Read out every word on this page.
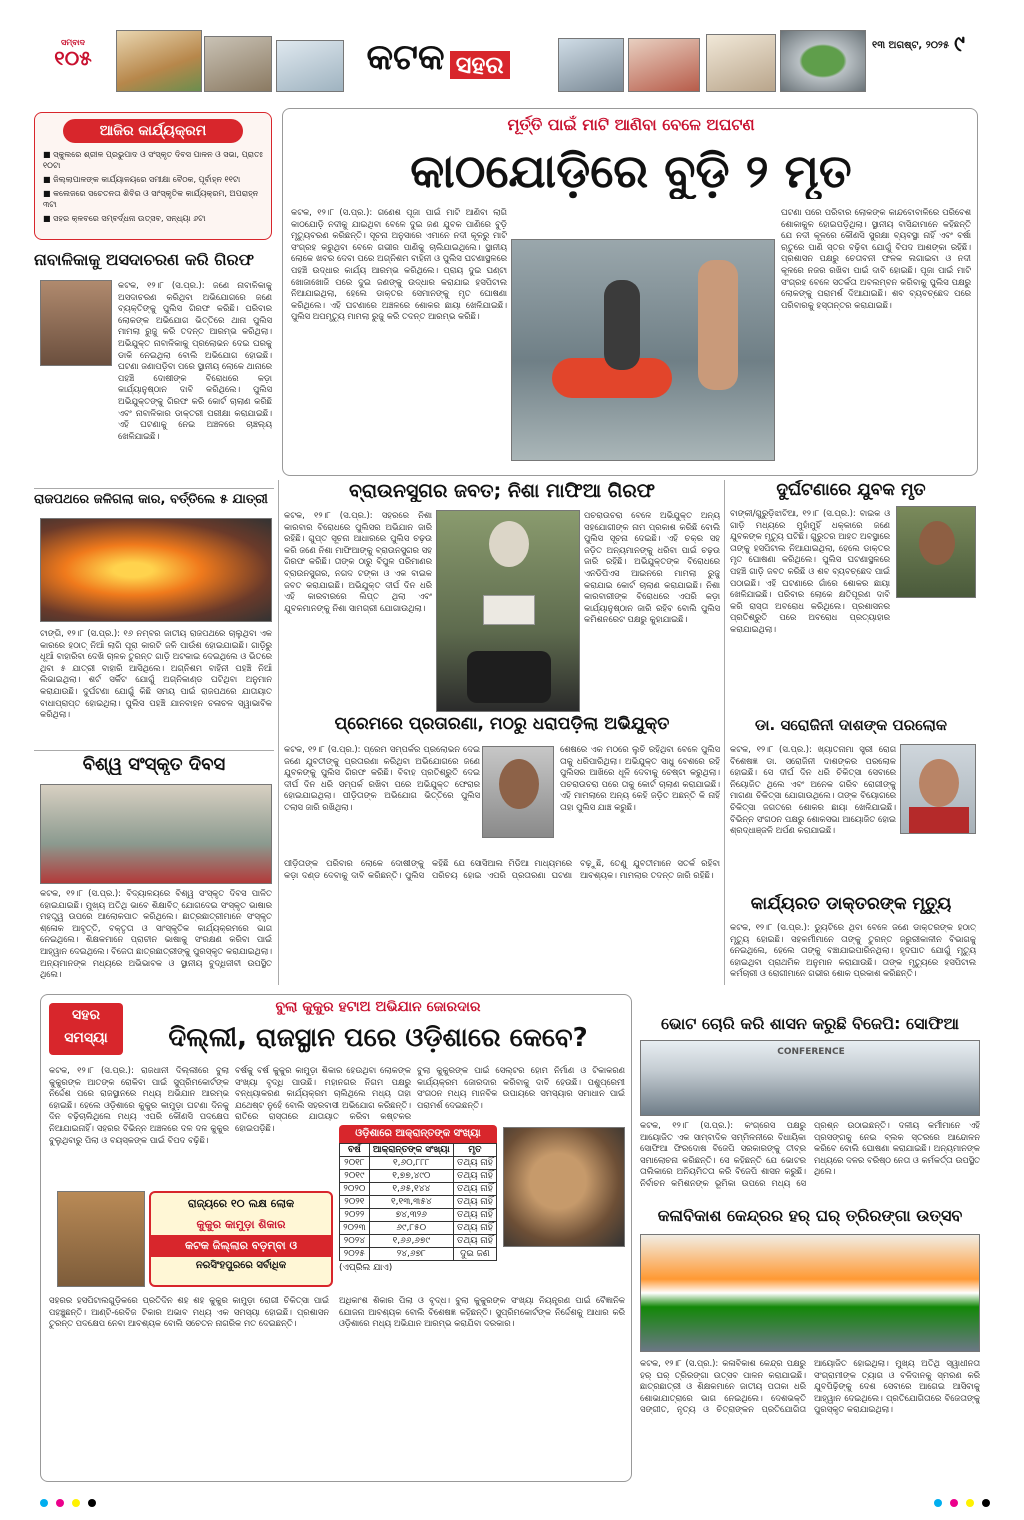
ସମ୍ବାଦ
୧୦୫	କଟକ ସହର
୧୩ ଅଗଷ୍ଟ, ୨୦୨୫ ୯
ଆଜିର କାର୍ଯ୍ୟକ୍ରମ
■ ସ୍କୁଲରେ ଶ୍ରୀଳ ପ୍ରଭୁପାଦ ଓ ସଂସ୍କୃତ ଦିବସ ପାଳନ ଓ ସଭା, ପ୍ରାତଃ ୧୦ଟା
■ ଜିଲ୍ଲାପାଳଙ୍କ କାର୍ଯ୍ୟାଳୟରେ ସମୀକ୍ଷା ବୈଠକ, ପୂର୍ବାହ୍ନ ୧୧ଟା
■ କଲେଜରେ ସଚେତନତା ଶିବିର ଓ ସାଂସ୍କୃତିକ କାର୍ଯ୍ୟକ୍ରମ, ଅପରାହ୍ନ ୩ଟା
■ ସହର କ୍ଳବରେ ସମ୍ବର୍ଦ୍ଧନା ଉତ୍ସବ, ସନ୍ଧ୍ୟା ୬ଟା
ମୂର୍ତ୍ତି ପାଇଁ ମାଟି ଆଣିବା ବେଳେ ଅଘଟଣ
କାଠଯୋଡ଼ିରେ ବୁଡ଼ି ୨ ମୃତ
କଟକ, ୧୨।୮ (ସ.ପ୍ର.): ଗଣେଶ ପୂଜା ପାଇଁ ମାଟି ଆଣିବା ଲାଗି କାଠଯୋଡ଼ି ନଦୀକୁ ଯାଇଥିବା ବେଳେ ଦୁଇ ଜଣ ଯୁବକ ପାଣିରେ ବୁଡ଼ି ମୃତ୍ୟୁବରଣ କରିଛନ୍ତି। ସୂଚନା ଅନୁସାରେ ଏମାନେ ନଦୀ କୂଳରୁ ମାଟି ସଂଗ୍ରହ କରୁଥିବା ବେଳେ ଗଭୀର ପାଣିକୁ ଚାଲିଯାଇଥିଲେ। ସ୍ଥାନୀୟ ଲୋକେ ଖବର ଦେବା ପରେ ଅଗ୍ନିଶମ ବାହିନୀ ଓ ପୁଲିସ ଘଟଣାସ୍ଥଳରେ ପହଞ୍ଚି ଉଦ୍ଧାର କାର୍ଯ୍ୟ ଆରମ୍ଭ କରିଥିଲେ। ପ୍ରାୟ ଦୁଇ ଘଣ୍ଟା ଖୋଜାଖୋଜି ପରେ ଦୁଇ ଜଣଙ୍କୁ ଉଦ୍ଧାର କରାଯାଇ ହସପିଟାଲ ନିଆଯାଇଥିଲା, ହେଲେ ଡାକ୍ତର ସେମାନଙ୍କୁ ମୃତ ଘୋଷଣା କରିଥିଲେ। ଏହି ଘଟଣାରେ ଅଞ୍ଚଳରେ ଶୋକର ଛାୟା ଖେଳିଯାଇଛି। ପୁଲିସ ଅପମୃତ୍ୟୁ ମାମଲା ରୁଜୁ କରି ତଦନ୍ତ ଆରମ୍ଭ କରିଛି।
ଘଟଣା ପରେ ପରିବାର ଲୋକଙ୍କ କାନ୍ଦବୋବାଳିରେ ପରିବେଶ ଶୋକାକୁଳ ହୋଇପଡ଼ିଥିଲା। ସ୍ଥାନୀୟ ବାସିନ୍ଦାମାନେ କହିଛନ୍ତି ଯେ ନଦୀ କୂଳରେ କୌଣସି ସୁରକ୍ଷା ବ୍ୟବସ୍ଥା ନାହିଁ ଏବଂ ବର୍ଷା ଋତୁରେ ପାଣି ସ୍ତର ବଢ଼ିବା ଯୋଗୁଁ ବିପଦ ଆଶଙ୍କା ରହିଛି। ପ୍ରଶାସନ ପକ୍ଷରୁ ଚେତାବନୀ ଫଳକ ଲଗାଇବା ଓ ନଦୀ କୂଳରେ ନଜର ରଖିବା ପାଇଁ ଦାବି ହୋଇଛି। ପୂଜା ପାଇଁ ମାଟି ସଂଗ୍ରହ ବେଳେ ସତର୍କତା ଅବଲମ୍ବନ କରିବାକୁ ପୁଲିସ ପକ୍ଷରୁ ଲୋକଙ୍କୁ ପରାମର୍ଶ ଦିଆଯାଇଛି। ଶବ ବ୍ୟବଚ୍ଛେଦ ପରେ ପରିବାରକୁ ହସ୍ତାନ୍ତର କରାଯାଇଛି।
ନାବାଳିକାକୁ ଅସଦାଚରଣ କରି ଗିରଫ
କଟକ, ୧୨।୮ (ସ.ପ୍ର.): ଜଣେ ନାବାଳିକାକୁ ଅସଦାଚରଣ କରିଥିବା ଅଭିଯୋଗରେ ଜଣେ ବ୍ୟକ୍ତିଙ୍କୁ ପୁଲିସ ଗିରଫ କରିଛି। ପରିବାର ଲୋକଙ୍କ ଅଭିଯୋଗ ଭିତ୍ତିରେ ଥାନା ପୁଲିସ ମାମଲା ରୁଜୁ କରି ତଦନ୍ତ ଆରମ୍ଭ କରିଥିଲା। ଅଭିଯୁକ୍ତ ନାବାଳିକାକୁ ପ୍ରଲୋଭନ ଦେଇ ଘରକୁ ଡାକି ନେଇଥିଲା ବୋଲି ଅଭିଯୋଗ ହୋଇଛି। ଘଟଣା ଜଣାପଡ଼ିବା ପରେ ସ୍ଥାନୀୟ ଲୋକେ ଥାନାରେ ପହଞ୍ଚି ଦୋଷୀଙ୍କ ବିରୋଧରେ କଡ଼ା କାର୍ଯ୍ୟାନୁଷ୍ଠାନ ଦାବି କରିଥିଲେ। ପୁଲିସ ଅଭିଯୁକ୍ତଙ୍କୁ ଗିରଫ କରି କୋର୍ଟ ଚାଲାଣ କରିଛି ଏବଂ ନାବାଳିକାର ଡାକ୍ତରୀ ପରୀକ୍ଷା କରାଯାଇଛି। ଏହି ଘଟଣାକୁ ନେଇ ଅଞ୍ଚଳରେ ଚାଞ୍ଚଲ୍ୟ ଖେଳିଯାଇଛି।
ରାଜପଥରେ ଜଳିଗଲା କାର, ବର୍ତ୍ତିଲେ ୫ ଯାତ୍ରୀ
ଟାଙ୍ଗି, ୧୨।୮ (ସ.ପ୍ର.): ୧୬ ନମ୍ବର ଜାତୀୟ ରାଜପଥରେ ଚାଲୁଥିବା ଏକ କାରରେ ହଠାତ୍ ନିଆଁ ଲାଗି ପୂରା କାରଟି ଜଳି ପାଉଁଶ ହୋଇଯାଇଛି। ଗାଡ଼ିରୁ ଧୂଆଁ ବାହାରିବା ଦେଖି ଚାଳକ ତୁରନ୍ତ ଗାଡ଼ି ଅଟକାଇ ଦେଇଥିଲେ ଓ ଭିତରେ ଥିବା ୫ ଯାତ୍ରୀ ବାହାରି ଆସିଥିଲେ। ଅଗ୍ନିଶମ ବାହିନୀ ପହଞ୍ଚି ନିଆଁ ଲିଭାଇଥିଲା। ଶର୍ଟ ସର୍କିଟ ଯୋଗୁଁ ଅଗ୍ନିକାଣ୍ଡ ଘଟିଥିବା ଅନୁମାନ କରାଯାଉଛି। ଦୁର୍ଘଟଣା ଯୋଗୁଁ କିଛି ସମୟ ପାଇଁ ରାଜପଥରେ ଯାତାୟାତ ବାଧାପ୍ରାପ୍ତ ହୋଇଥିଲା। ପୁଲିସ ପହଞ୍ଚି ଯାନବାହନ ଚଳାଚଳ ସ୍ୱାଭାବିକ କରିଥିଲା।
ବିଶ୍ୱ ସଂସ୍କୃତ ଦିବସ
କଟକ, ୧୨।୮ (ସ.ପ୍ର.): ବିଦ୍ୟାଳୟରେ ବିଶ୍ୱ ସଂସ୍କୃତ ଦିବସ ପାଳିତ ହୋଇଯାଇଛି। ମୁଖ୍ୟ ଅତିଥି ଭାବେ ଶିକ୍ଷାବିତ୍ ଯୋଗଦେଇ ସଂସ୍କୃତ ଭାଷାର ମହତ୍ତ୍ୱ ଉପରେ ଆଲୋକପାତ କରିଥିଲେ। ଛାତ୍ରଛାତ୍ରୀମାନେ ସଂସ୍କୃତ ଶ୍ଳୋକ ଆବୃତ୍ତି, ବକ୍ତୃତା ଓ ସାଂସ୍କୃତିକ କାର୍ଯ୍ୟକ୍ରମରେ ଭାଗ ନେଇଥିଲେ। ଶିକ୍ଷକମାନେ ପ୍ରାଚୀନ ଭାଷାକୁ ସଂରକ୍ଷଣ କରିବା ପାଇଁ ଆହ୍ୱାନ ଦେଇଥିଲେ। ବିଜେତା ଛାତ୍ରଛାତ୍ରୀଙ୍କୁ ପୁରସ୍କୃତ କରାଯାଇଥିଲା। ଅନ୍ୟମାନଙ୍କ ମଧ୍ୟରେ ଅଭିଭାବକ ଓ ସ୍ଥାନୀୟ ବୁଦ୍ଧିଜୀବୀ ଉପସ୍ଥିତ ଥିଲେ।
ବ୍ରାଉନସୁଗର ଜବତ; ନିଶା ମାଫିଆ ଗିରଫ
କଟକ, ୧୨।୮ (ସ.ପ୍ର.): ସହରରେ ନିଶା କାରବାର ବିରୋଧରେ ପୁଲିସର ଅଭିଯାନ ଜାରି ରହିଛି। ଗୁପ୍ତ ସୂଚନା ଆଧାରରେ ପୁଲିସ ଚଢ଼ଉ କରି ଜଣେ ନିଶା ମାଫିଆଙ୍କୁ ବ୍ରାଉନସୁଗର ସହ ଗିରଫ କରିଛି। ତାଙ୍କ ଠାରୁ ବିପୁଳ ପରିମାଣର ବ୍ରାଉନସୁଗର, ନଗଦ ଟଙ୍କା ଓ ଏକ ବାଇକ ଜବତ କରାଯାଇଛି। ଅଭିଯୁକ୍ତ ଦୀର୍ଘ ଦିନ ଧରି ଏହି କାରବାରରେ ଲିପ୍ତ ଥିଲା ଏବଂ ଯୁବକମାନଙ୍କୁ ନିଶା ସାମଗ୍ରୀ ଯୋଗାଉଥିଲା।
ପଚରାଉଚରା ବେଳେ ଅଭିଯୁକ୍ତ ଅନ୍ୟ ସହଯୋଗୀଙ୍କ ନାମ ପ୍ରକାଶ କରିଛି ବୋଲି ପୁଲିସ ସୂଚନା ଦେଇଛି। ଏହି ଚକ୍ର ସହ ଜଡ଼ିତ ଅନ୍ୟମାନଙ୍କୁ ଧରିବା ପାଇଁ ଚଢ଼ଉ ଜାରି ରହିଛି। ଅଭିଯୁକ୍ତଙ୍କ ବିରୋଧରେ ଏନଡିପିଏସ ଆଇନରେ ମାମଲା ରୁଜୁ କରାଯାଇ କୋର୍ଟ ଚାଲାଣ କରାଯାଇଛି। ନିଶା କାରବାରୀଙ୍କ ବିରୋଧରେ ଏପରି କଡ଼ା କାର୍ଯ୍ୟାନୁଷ୍ଠାନ ଜାରି ରହିବ ବୋଲି ପୁଲିସ କମିଶନରେଟ ପକ୍ଷରୁ କୁହାଯାଇଛି।
ଦୁର୍ଘଟଣାରେ ଯୁବକ ମୃତ
ବାଙ୍କୀ/ଗୁରୁଡ଼ିଝାଟିଆ, ୧୨।୮ (ସ.ପ୍ର.): ବାଇକ ଓ ଗାଡ଼ି ମଧ୍ୟରେ ମୁହାଁମୁହିଁ ଧକ୍କାରେ ଜଣେ ଯୁବକଙ୍କ ମୃତ୍ୟୁ ଘଟିଛି। ଗୁରୁତର ଆହତ ଅବସ୍ଥାରେ ତାଙ୍କୁ ହସପିଟାଲ ନିଆଯାଇଥିଲା, ହେଲେ ଡାକ୍ତର ମୃତ ଘୋଷଣା କରିଥିଲେ। ପୁଲିସ ଘଟଣାସ୍ଥଳରେ ପହଞ୍ଚି ଗାଡ଼ି ଜବତ କରିଛି ଓ ଶବ ବ୍ୟବଚ୍ଛେଦ ପାଇଁ ପଠାଇଛି। ଏହି ଘଟଣାରେ ଗାଁରେ ଶୋକର ଛାୟା ଖେଳିଯାଇଛି। ପରିବାର ଲୋକେ କ୍ଷତିପୂରଣ ଦାବି କରି ରାସ୍ତା ଅବରୋଧ କରିଥିଲେ। ପ୍ରଶାସନର ପ୍ରତିଶ୍ରୁତି ପରେ ଅବରୋଧ ପ୍ରତ୍ୟାହାର କରାଯାଇଥିଲା।
ଡା. ସରୋଜିନୀ ଦାଶଙ୍କ ପରଲୋକ
କଟକ, ୧୨।୮ (ସ.ପ୍ର.): ଖ୍ୟାତନାମା ସ୍ତ୍ରୀ ରୋଗ ବିଶେଷଜ୍ଞ ଡା. ସରୋଜିନୀ ଦାଶଙ୍କର ପରଲୋକ ହୋଇଛି। ସେ ଦୀର୍ଘ ଦିନ ଧରି ଚିକିତ୍ସା ସେବାରେ ନିୟୋଜିତ ଥିଲେ ଏବଂ ଅନେକ ଗରିବ ରୋଗୀଙ୍କୁ ମାଗଣା ଚିକିତ୍ସା ଯୋଗାଉଥିଲେ। ତାଙ୍କ ବିୟୋଗରେ ଚିକିତ୍ସା ଜଗତରେ ଶୋକର ଛାୟା ଖେଳିଯାଇଛି। ବିଭିନ୍ନ ସଂଗଠନ ପକ୍ଷରୁ ଶୋକସଭା ଆୟୋଜିତ ହୋଇ ଶ୍ରଦ୍ଧାଞ୍ଜଳି ଅର୍ପଣ କରାଯାଇଛି।
କାର୍ଯ୍ୟରତ ଡାକ୍ତରଙ୍କ ମୃତ୍ୟୁ
କଟକ, ୧୨।୮ (ସ.ପ୍ର.): ଡ୍ୟୁଟିରେ ଥିବା ବେଳେ ଜଣେ ଡାକ୍ତରଙ୍କ ହଠାତ୍ ମୃତ୍ୟୁ ହୋଇଛି। ସହକର୍ମୀମାନେ ତାଙ୍କୁ ତୁରନ୍ତ ଜରୁରୀକାଳୀନ ବିଭାଗକୁ ନେଇଥିଲେ, ହେଲେ ତାଙ୍କୁ ବଞ୍ଚାଯାଇପାରିନଥିଲା। ହୃଦଘାତ ଯୋଗୁଁ ମୃତ୍ୟୁ ହୋଇଥିବା ପ୍ରାଥମିକ ଅନୁମାନ କରାଯାଉଛି। ତାଙ୍କ ମୃତ୍ୟୁରେ ହସପିଟାଲ କର୍ମଚାରୀ ଓ ରୋଗୀମାନେ ଗଭୀର ଶୋକ ପ୍ରକାଶ କରିଛନ୍ତି।
ପ୍ରେମରେ ପ୍ରତାରଣା, ମଠରୁ ଧରାପଡ଼ିଲା ଅଭିଯୁକ୍ତ
କଟକ, ୧୨।୮ (ସ.ପ୍ର.): ପ୍ରେମ ସମ୍ପର୍କର ପ୍ରଲୋଭନ ଦେଇ ଜଣେ ଯୁବତୀଙ୍କୁ ପ୍ରତାରଣା କରିଥିବା ଅଭିଯୋଗରେ ଜଣେ ଯୁବକଙ୍କୁ ପୁଲିସ ଗିରଫ କରିଛି। ବିବାହ ପ୍ରତିଶ୍ରୁତି ଦେଇ ଦୀର୍ଘ ଦିନ ଧରି ସମ୍ପର୍କ ରଖିବା ପରେ ଅଭିଯୁକ୍ତ ଫେରାର ହୋଇଯାଇଥିଲା। ପୀଡ଼ିତାଙ୍କ ଅଭିଯୋଗ ଭିତ୍ତିରେ ପୁଲିସ ତଲାସ ଜାରି ରଖିଥିଲା।
ଶେଷରେ ଏକ ମଠରେ ଲୁଚି ରହିଥିବା ବେଳେ ପୁଲିସ ତାକୁ ଧରିପାରିଥିଲା। ଅଭିଯୁକ୍ତ ସାଧୁ ବେଶରେ ରହି ପୁଲିସର ଆଖିରେ ଧୂଳି ଦେବାକୁ ଚେଷ୍ଟା କରୁଥିଲା। ପଚରାଉଚରା ପରେ ତାକୁ କୋର୍ଟ ଚାଲାଣ କରାଯାଇଛି। ଏହି ମାମଲାରେ ଅନ୍ୟ କେହି ଜଡ଼ିତ ଅଛନ୍ତି କି ନାହିଁ ତାହା ପୁଲିସ ଯାଞ୍ଚ କରୁଛି।
ପୀଡ଼ିତାଙ୍କ ପରିବାର ଲୋକେ ଦୋଷୀଙ୍କୁ କଡ଼ା ଦଣ୍ଡ ଦେବାକୁ ଦାବି କରିଛନ୍ତି। ପୁଲିସ କହିଛି ଯେ ସୋସିଆଲ ମିଡିଆ ମାଧ୍ୟମରେ ପରିଚୟ ହୋଇ ଏପରି ପ୍ରତାରଣା ଘଟଣା ବଢ଼ୁଛି, ତେଣୁ ଯୁବତୀମାନେ ସତର୍କ ରହିବା ଆବଶ୍ୟକ। ମାମଲାର ତଦନ୍ତ ଜାରି ରହିଛି।
ସହର
ସମସ୍ୟା
ବୁଲା କୁକୁର ହଟାଅ ଅଭିଯାନ ଜୋରଦାର
ଦିଲ୍ଲୀ, ରାଜସ୍ଥାନ ପରେ ଓଡ଼ିଶାରେ କେବେ?
କଟକ, ୧୨।୮ (ସ.ପ୍ର.): ରାଜଧାନୀ ଦିଲ୍ଲୀରେ ବୁଲା କୁକୁରଙ୍କ ଆତଙ୍କ ରୋକିବା ପାଇଁ ସୁପ୍ରିମକୋର୍ଟଙ୍କ ନିର୍ଦ୍ଦେଶ ପରେ ରାଜସ୍ଥାନରେ ମଧ୍ୟ ଅଭିଯାନ ଆରମ୍ଭ ହୋଇଛି। ହେଲେ ଓଡ଼ିଶାରେ କୁକୁର କାମୁଡ଼ା ଘଟଣା ଦିନକୁ ଦିନ ବଢ଼ିଚାଲିଥିଲେ ମଧ୍ୟ ଏପରି କୌଣସି ପଦକ୍ଷେପ ନିଆଯାଇନାହିଁ। ସହରର ବିଭିନ୍ନ ଅଞ୍ଚଳରେ ଦଳ ଦଳ କୁକୁର ବୁଲୁଥିବାରୁ ପିଲା ଓ ବୟସ୍କଙ୍କ ପାଇଁ ବିପଦ ବଢ଼ିଛି।
ବର୍ଷକୁ ବର୍ଷ କୁକୁର କାମୁଡ଼ା ଶିକାର ହେଉଥିବା ଲୋକଙ୍କ ସଂଖ୍ୟା ବୃଦ୍ଧି ପାଉଛି। ମହାନଗର ନିଗମ ପକ୍ଷରୁ ବନ୍ଧ୍ୟାକରଣ କାର୍ଯ୍ୟକ୍ରମ ଚାଲିଥିଲେ ମଧ୍ୟ ତାହା ଯଥେଷ୍ଟ ନୁହେଁ ବୋଲି ସହରବାସୀ ଅଭିଯୋଗ କରିଛନ୍ତି। ରାତିରେ ରାସ୍ତାରେ ଯାତାୟାତ କରିବା କଷ୍ଟକର ହୋଇପଡ଼ିଛି।
ବୁଲା କୁକୁରଙ୍କ ପାଇଁ ସେଲ୍ଟର ହୋମ ନିର୍ମାଣ ଓ ଟିକାକରଣ କାର୍ଯ୍ୟକ୍ରମ ଜୋରଦାର କରିବାକୁ ଦାବି ହେଉଛି। ପଶୁପ୍ରେମୀ ସଂଗଠନ ମଧ୍ୟ ମାନବିକ ଉପାୟରେ ସମସ୍ୟାର ସମାଧାନ ପାଇଁ ପରାମର୍ଶ ଦେଇଛନ୍ତି।
ରାଜ୍ୟରେ ୧୦ ଲକ୍ଷ ଲୋକ
କୁକୁର କାମୁଡ଼ା ଶିକାର
କଟକ ଜିଲ୍ଲାର ବଡ଼ମ୍ବା ଓ
ନରସିଂହପୁରରେ ସର୍ବାଧିକ
ଓଡ଼ିଶାରେ ଆକ୍ରାନ୍ତଙ୍କ ସଂଖ୍ୟା
ବର୍ଷ	ଆକ୍ରାନ୍ତଙ୍କ ସଂଖ୍ୟା	ମୃତ
୨୦୧୮	୧,୬୦,୮୮୮	ତଥ୍ୟ ନାହିଁ
୨୦୧୯	୧,୭୭,୪୯୦	ତଥ୍ୟ ନାହିଁ
୨୦୨୦	୧,୬୫,୧୪୪	ତଥ୍ୟ ନାହିଁ
୨୦୨୧	୧,୧୩,୩୫୪	ତଥ୍ୟ ନାହିଁ
୨୦୨୨	୭୪,୩୨୬	ତଥ୍ୟ ନାହିଁ
୨୦୨୩	୬୯,୮୫୦	ତଥ୍ୟ ନାହିଁ
୨୦୨୪	୧,୬୬,୬୭୯	ତଥ୍ୟ ନାହିଁ
୨୦୨୫	୨୪,୬୭୮	ଦୁଇ ଜଣ
(ଏପ୍ରିଲ ଯାଏ)
ସହରର ହସପିଟାଲଗୁଡ଼ିକରେ ପ୍ରତିଦିନ ଶହ ଶହ କୁକୁର କାମୁଡ଼ା ରୋଗୀ ଚିକିତ୍ସା ପାଇଁ ପହଞ୍ଚୁଛନ୍ତି। ଆଣ୍ଟି-ରେବିଜ ଟିକାର ଅଭାବ ମଧ୍ୟ ଏକ ସମସ୍ୟା ହୋଇଛି। ପ୍ରଶାସନ ତୁରନ୍ତ ପଦକ୍ଷେପ ନେବା ଆବଶ୍ୟକ ବୋଲି ସଚେତନ ନାଗରିକ ମତ ଦେଇଛନ୍ତି।
ଅଧିକାଂଶ ଶିକାର ପିଲା ଓ ବୃଦ୍ଧ। ବୁଲା କୁକୁରଙ୍କ ସଂଖ୍ୟା ନିୟନ୍ତ୍ରଣ ପାଇଁ ବୈଜ୍ଞାନିକ ଯୋଜନା ଆବଶ୍ୟକ ବୋଲି ବିଶେଷଜ୍ଞ କହିଛନ୍ତି। ସୁପ୍ରିମକୋର୍ଟଙ୍କ ନିର୍ଦ୍ଦେଶକୁ ଆଧାର କରି ଓଡ଼ିଶାରେ ମଧ୍ୟ ଅଭିଯାନ ଆରମ୍ଭ କରାଯିବା ଦରକାର।
ଭୋଟ ଚୋରି କରି ଶାସନ କରୁଛି ବିଜେପି: ସୋଫିଆ
CONFERENCE
କଟକ, ୧୨।୮ (ସ.ପ୍ର.): କଂଗ୍ରେସ ପକ୍ଷରୁ ଆୟୋଜିତ ଏକ ସାମ୍ବାଦିକ ସମ୍ମିଳନୀରେ ବିଧାୟିକା ସୋଫିଆ ଫିରଦୋଷ ବିଜେପି ସରକାରଙ୍କୁ ତୀବ୍ର ସମାଲୋଚନା କରିଛନ୍ତି। ସେ କହିଛନ୍ତି ଯେ ଭୋଟର ତାଲିକାରେ ଅନିୟମିତତା କରି ବିଜେପି ଶାସନ କରୁଛି। ନିର୍ବାଚନ କମିଶନଙ୍କ ଭୂମିକା ଉପରେ ମଧ୍ୟ ସେ ପ୍ରଶ୍ନ ଉଠାଇଛନ୍ତି। ଦଳୀୟ କର୍ମୀମାନେ ଏହି ପ୍ରସଙ୍ଗକୁ ନେଇ ବ୍ଲକ ସ୍ତରରେ ଆନ୍ଦୋଳନ କରିବେ ବୋଲି ଘୋଷଣା କରାଯାଇଛି। ଅନ୍ୟମାନଙ୍କ ମଧ୍ୟରେ ଦଳର ବରିଷ୍ଠ ନେତା ଓ କର୍ମକର୍ତ୍ତା ଉପସ୍ଥିତ ଥିଲେ।
କଳାବିକାଶ କେନ୍ଦ୍ରର ହର୍ ଘର୍ ତ୍ରିରଙ୍ଗା ଉତ୍ସବ
କଟକ, ୧୨।୮ (ସ.ପ୍ର.): କଳାବିକାଶ କେନ୍ଦ୍ର ପକ୍ଷରୁ ହର୍ ଘର୍ ତ୍ରିରଙ୍ଗା ଉତ୍ସବ ପାଳନ କରାଯାଇଛି। ଛାତ୍ରଛାତ୍ରୀ ଓ ଶିକ୍ଷକମାନେ ଜାତୀୟ ପତାକା ଧରି ଶୋଭାଯାତ୍ରାରେ ଭାଗ ନେଇଥିଲେ। ଦେଶଭକ୍ତି ସଙ୍ଗୀତ, ନୃତ୍ୟ ଓ ଚିତ୍ରାଙ୍କନ ପ୍ରତିଯୋଗିତା ଆୟୋଜିତ ହୋଇଥିଲା। ମୁଖ୍ୟ ଅତିଥି ସ୍ୱାଧୀନତା ସଂଗ୍ରାମୀଙ୍କ ତ୍ୟାଗ ଓ ବଳିଦାନକୁ ସ୍ମରଣ କରି ଯୁବପିଢ଼ିଙ୍କୁ ଦେଶ ସେବାରେ ଆଗେଇ ଆସିବାକୁ ଆହ୍ୱାନ ଦେଇଥିଲେ। ପ୍ରତିଯୋଗିତାରେ ବିଜେତାଙ୍କୁ ପୁରସ୍କୃତ କରାଯାଇଥିଲା।
